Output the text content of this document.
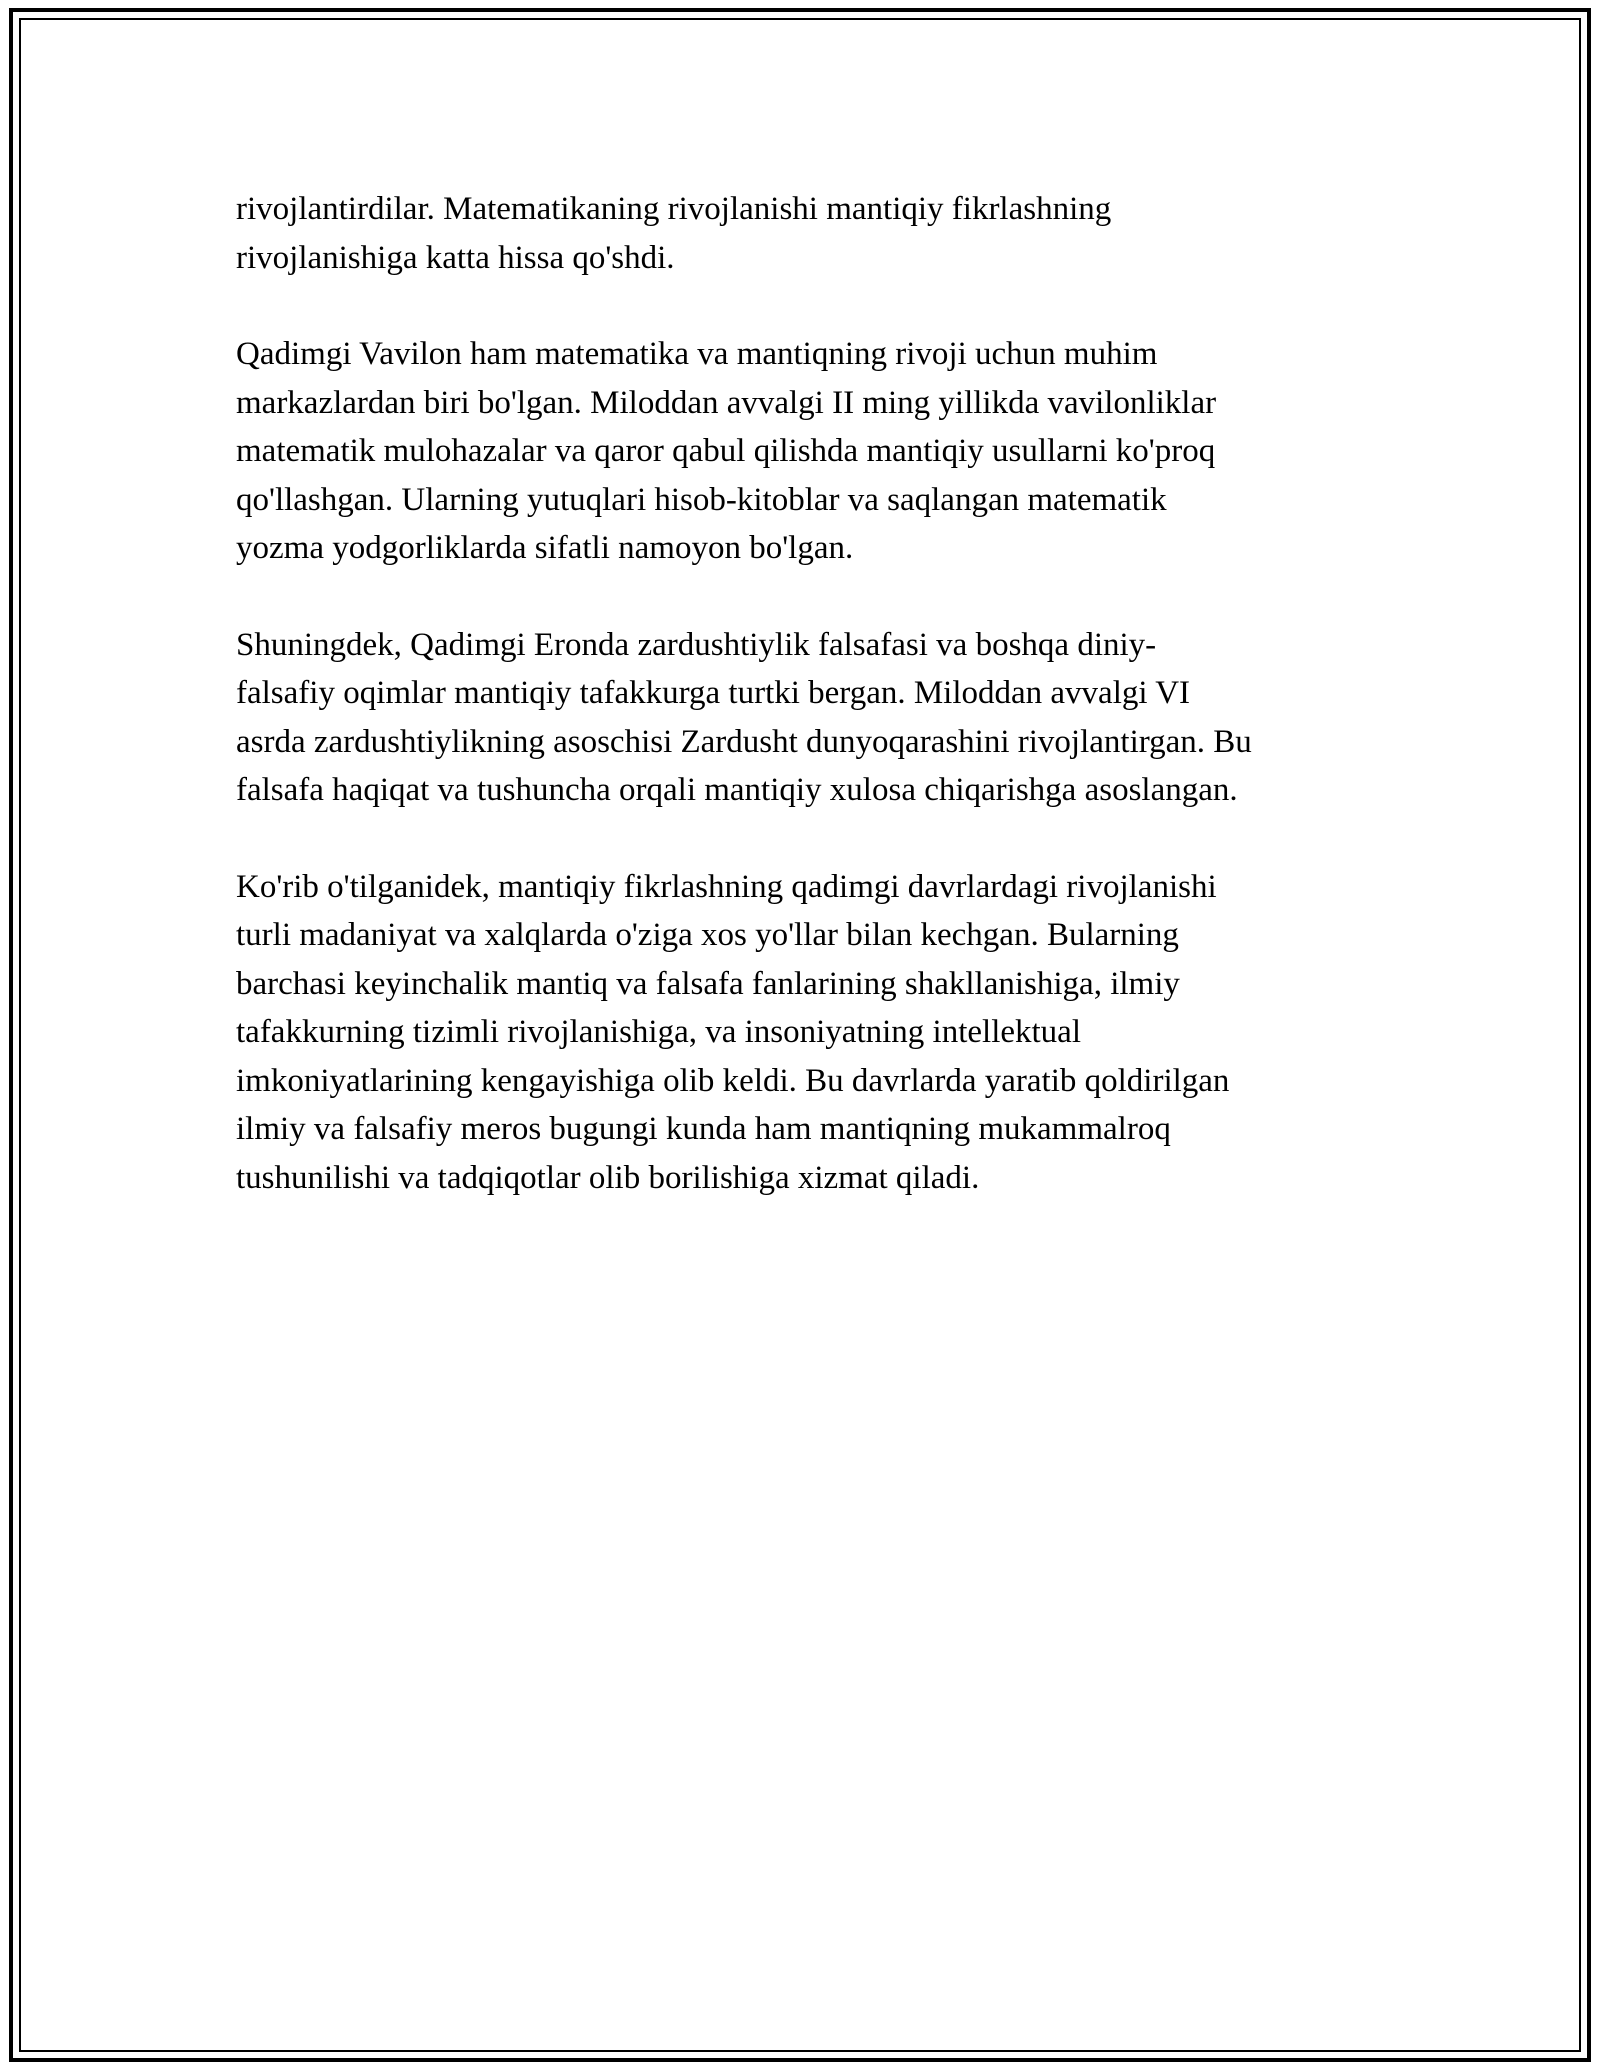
rivojlantirdilar. Matematikaning rivojlanishi mantiqiy fikrlashning
rivojlanishiga katta hissa qo'shdi.

Qadimgi Vavilon ham matematika va mantiqning rivoji uchun muhim
markazlardan biri bo'lgan. Miloddan avvalgi II ming yillikda vavilonliklar
matematik mulohazalar va qaror qabul qilishda mantiqiy usullarni ko'proq
qo'llashgan. Ularning yutuqlari hisob-kitoblar va saqlangan matematik
yozma yodgorliklarda sifatli namoyon bo'lgan.

Shuningdek, Qadimgi Eronda zardushtiylik falsafasi va boshqa diniy-
falsafiy oqimlar mantiqiy tafakkurga turtki bergan. Miloddan avvalgi VI
asrda zardushtiylikning asoschisi Zardusht dunyoqarashini rivojlantirgan. Bu
falsafa haqiqat va tushuncha orqali mantiqiy xulosa chiqarishga asoslangan.

Ko'rib o'tilganidek, mantiqiy fikrlashning qadimgi davrlardagi rivojlanishi
turli madaniyat va xalqlarda o'ziga xos yo'llar bilan kechgan. Bularning
barchasi keyinchalik mantiq va falsafa fanlarining shakllanishiga, ilmiy
tafakkurning tizimli rivojlanishiga, va insoniyatning intellektual
imkoniyatlarining kengayishiga olib keldi. Bu davrlarda yaratib qoldirilgan
ilmiy va falsafiy meros bugungi kunda ham mantiqning mukammalroq
tushunilishi va tadqiqotlar olib borilishiga xizmat qiladi.
